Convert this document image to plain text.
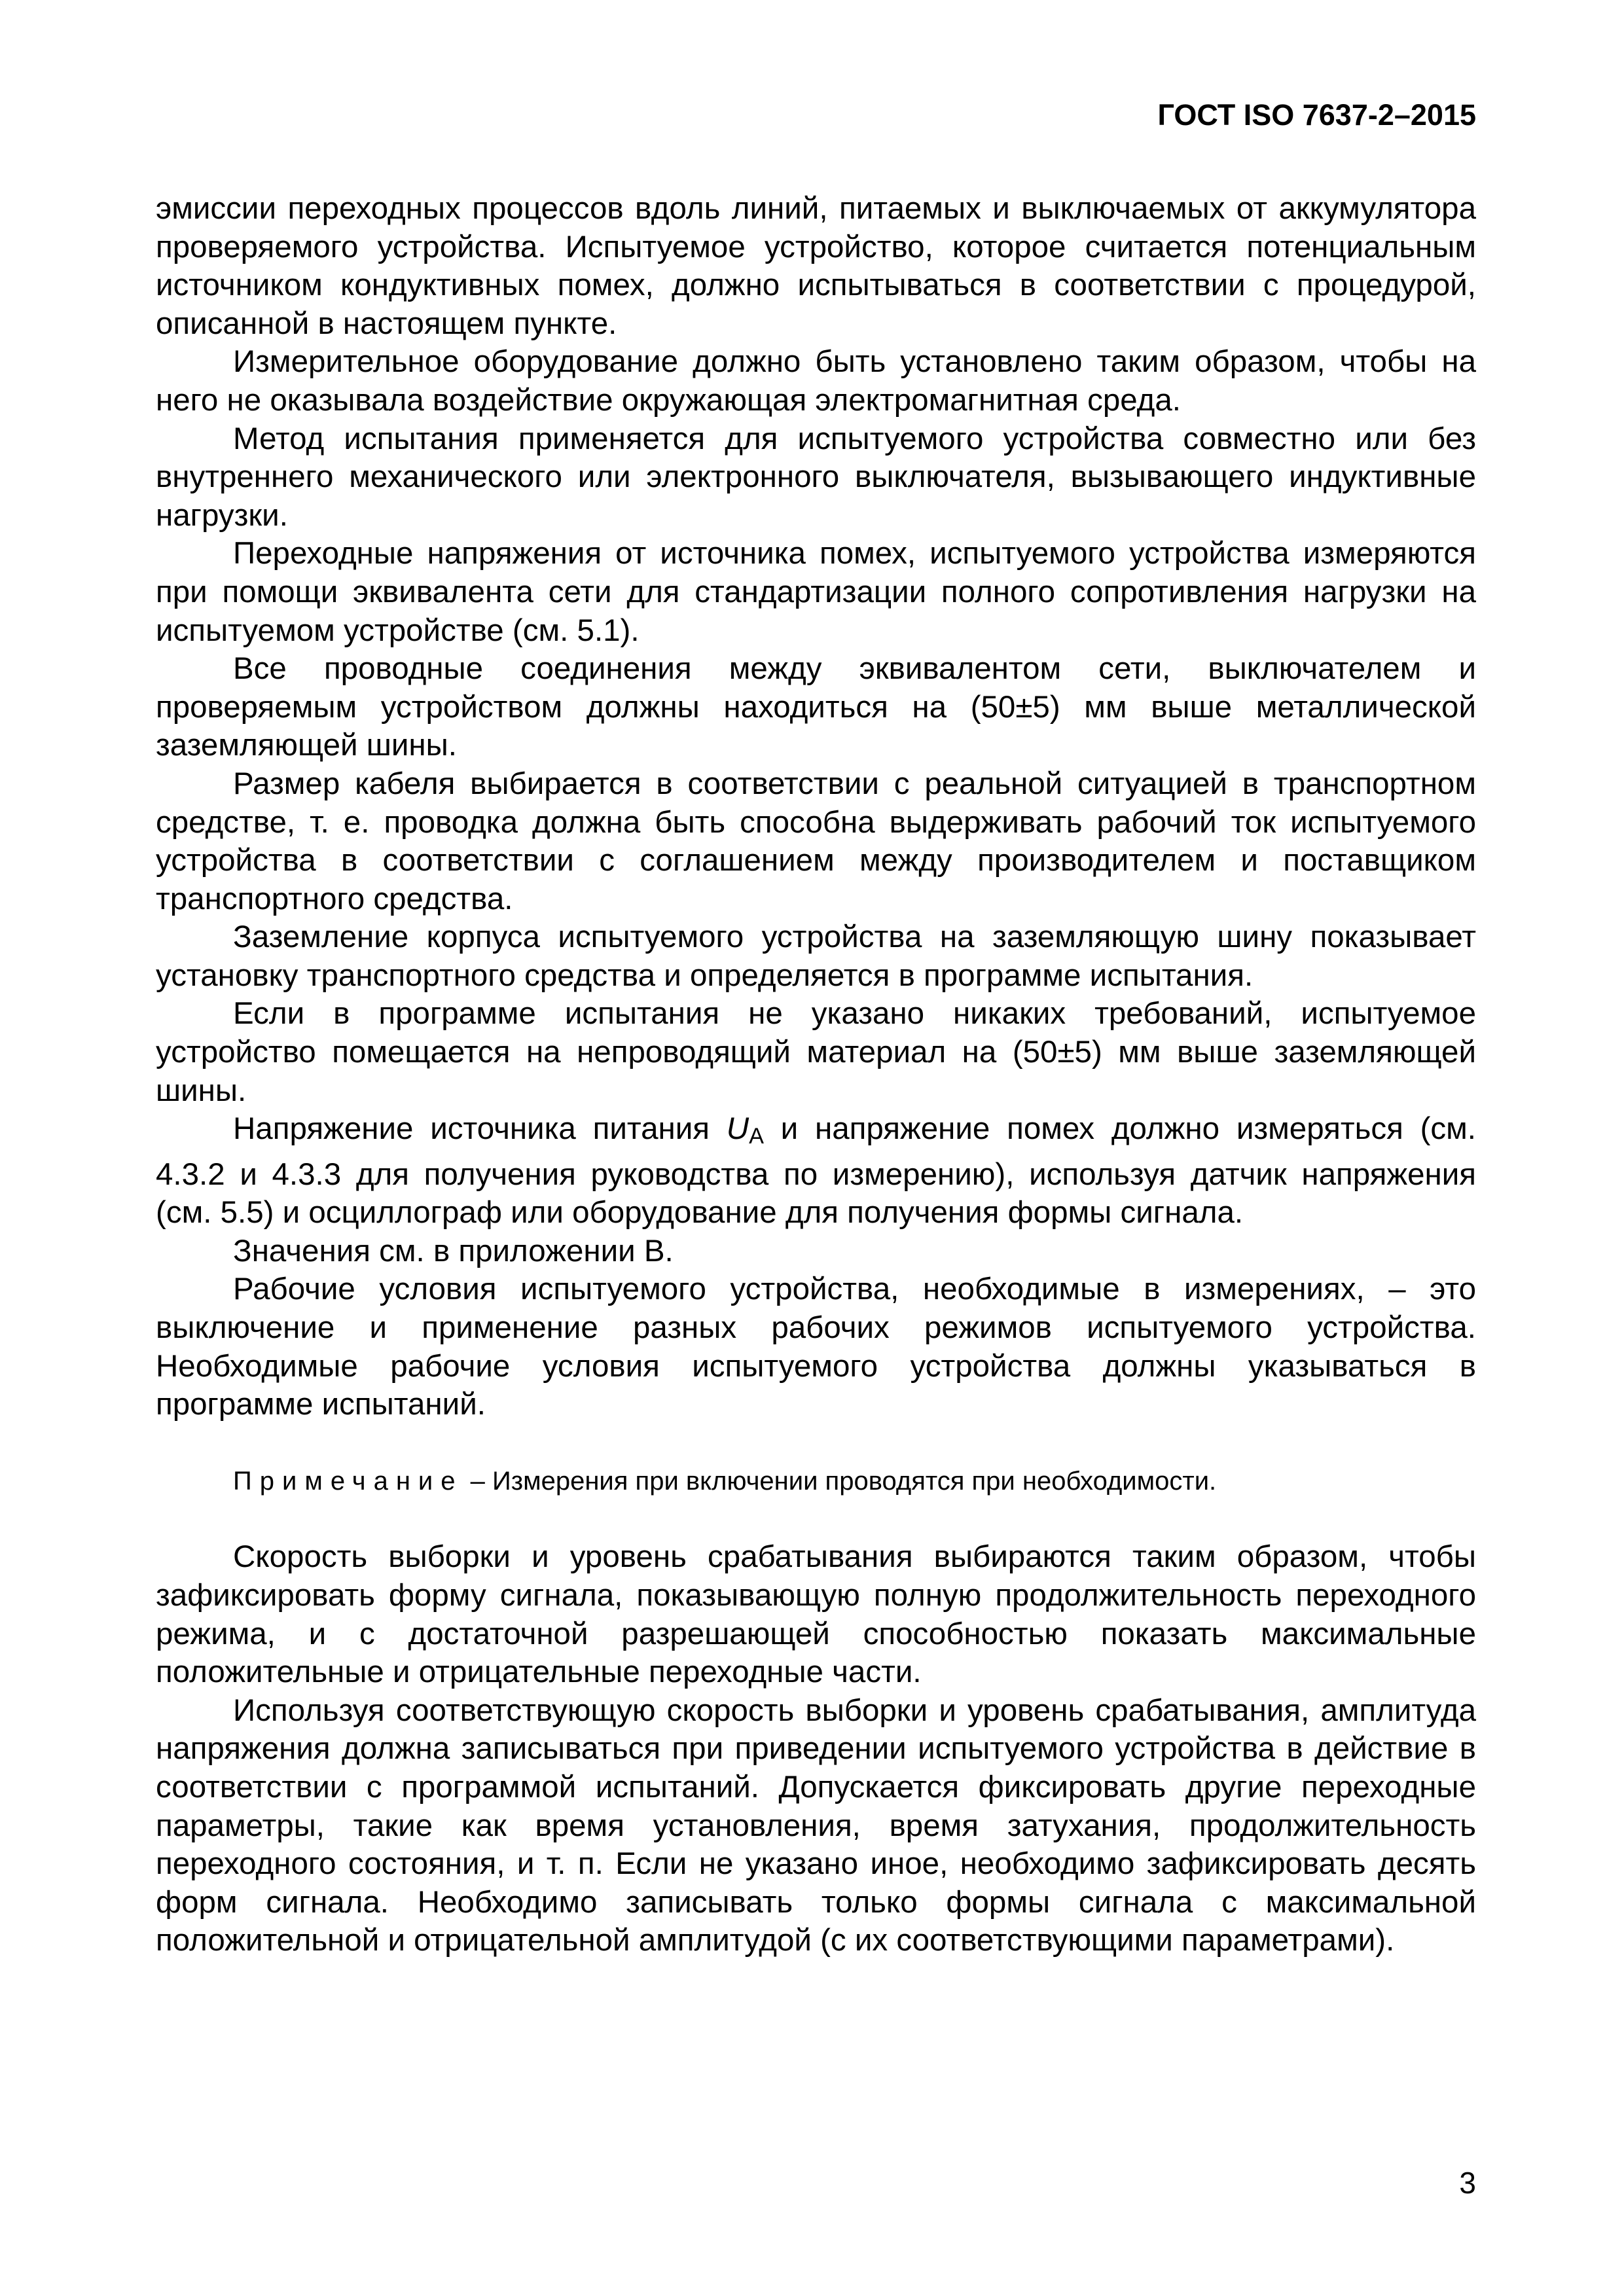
ГОСТ ISO 7637-2–2015

эмиссии переходных процессов вдоль линий, питаемых и выключаемых от аккумулятора проверяемого устройства. Испытуемое устройство, которое считается потенциальным источником кондуктивных помех, должно испытываться в соответствии с процедурой, описанной в настоящем пункте.

Измерительное оборудование должно быть установлено таким образом, чтобы на него не оказывала воздействие окружающая электромагнитная среда.

Метод испытания применяется для испытуемого устройства совместно или без внутреннего механического или электронного выключателя, вызывающего индуктивные нагрузки.

Переходные напряжения от источника помех, испытуемого устройства измеряются при помощи эквивалента сети для стандартизации полного сопротивления нагрузки на испытуемом устройстве (см. 5.1).

Все проводные соединения между эквивалентом сети, выключателем и проверяемым устройством должны находиться на (50±5) мм выше металлической заземляющей шины.

Размер кабеля выбирается в соответствии с реальной ситуацией в транспортном средстве, т. е. проводка должна быть способна выдерживать рабочий ток испытуемого устройства в соответствии с соглашением между производителем и поставщиком транспортного средства.

Заземление корпуса испытуемого устройства на заземляющую шину показывает установку транспортного средства и определяется в программе испытания.

Если в программе испытания не указано никаких требований, испытуемое устройство помещается на непроводящий материал на (50±5) мм выше заземляющей шины.

Напряжение источника питания UA и напряжение помех должно измеряться (см. 4.3.2 и 4.3.3 для получения руководства по измерению), используя датчик напряжения (см. 5.5) и осциллограф или оборудование для получения формы сигнала.

Значения см. в приложении B.

Рабочие условия испытуемого устройства, необходимые в измерениях, – это выключение и применение разных рабочих режимов испытуемого устройства. Необходимые рабочие условия испытуемого устройства должны указываться в программе испытаний.

Примечание – Измерения при включении проводятся при необходимости.

Скорость выборки и уровень срабатывания выбираются таким образом, чтобы зафиксировать форму сигнала, показывающую полную продолжительность переходного режима, и с достаточной разрешающей способностью показать максимальные положительные и отрицательные переходные части.

Используя соответствующую скорость выборки и уровень срабатывания, амплитуда напряжения должна записываться при приведении испытуемого устройства в действие в соответствии с программой испытаний. Допускается фиксировать другие переходные параметры, такие как время установления, время затухания, продолжительность переходного состояния, и т. п. Если не указано иное, необходимо зафиксировать десять форм сигнала. Необходимо записывать только формы сигнала с максимальной положительной и отрицательной амплитудой (с их соответствующими параметрами).

3
